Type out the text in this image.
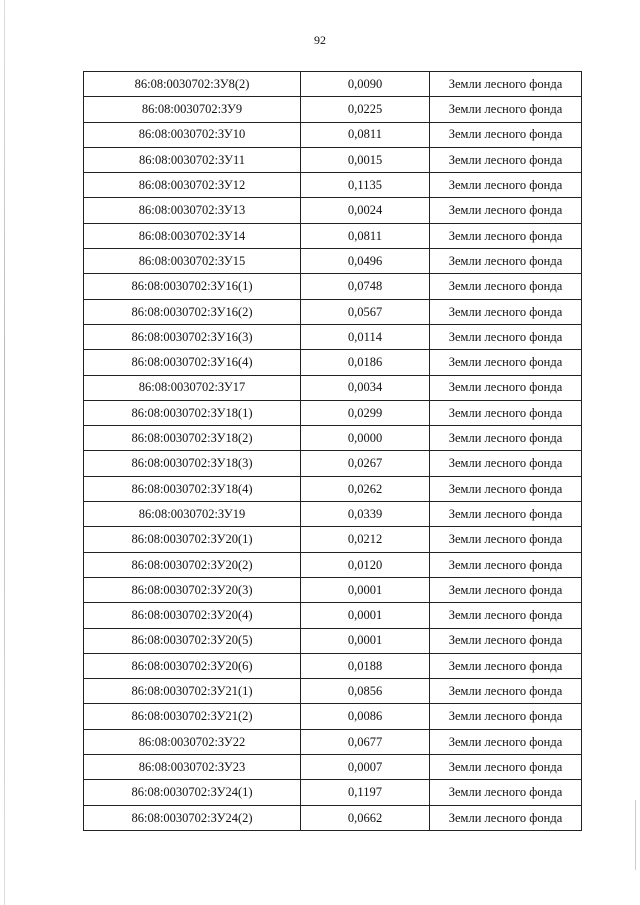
92
86:08:0030702:ЗУ8(2)	0,0090	Земли лесного фонда
86:08:0030702:ЗУ9	0,0225	Земли лесного фонда
86:08:0030702:ЗУ10	0,0811	Земли лесного фонда
86:08:0030702:ЗУ11	0,0015	Земли лесного фонда
86:08:0030702:ЗУ12	0,1135	Земли лесного фонда
86:08:0030702:ЗУ13	0,0024	Земли лесного фонда
86:08:0030702:ЗУ14	0,0811	Земли лесного фонда
86:08:0030702:ЗУ15	0,0496	Земли лесного фонда
86:08:0030702:ЗУ16(1)	0,0748	Земли лесного фонда
86:08:0030702:ЗУ16(2)	0,0567	Земли лесного фонда
86:08:0030702:ЗУ16(3)	0,0114	Земли лесного фонда
86:08:0030702:ЗУ16(4)	0,0186	Земли лесного фонда
86:08:0030702:ЗУ17	0,0034	Земли лесного фонда
86:08:0030702:ЗУ18(1)	0,0299	Земли лесного фонда
86:08:0030702:ЗУ18(2)	0,0000	Земли лесного фонда
86:08:0030702:ЗУ18(3)	0,0267	Земли лесного фонда
86:08:0030702:ЗУ18(4)	0,0262	Земли лесного фонда
86:08:0030702:ЗУ19	0,0339	Земли лесного фонда
86:08:0030702:ЗУ20(1)	0,0212	Земли лесного фонда
86:08:0030702:ЗУ20(2)	0,0120	Земли лесного фонда
86:08:0030702:ЗУ20(3)	0,0001	Земли лесного фонда
86:08:0030702:ЗУ20(4)	0,0001	Земли лесного фонда
86:08:0030702:ЗУ20(5)	0,0001	Земли лесного фонда
86:08:0030702:ЗУ20(6)	0,0188	Земли лесного фонда
86:08:0030702:ЗУ21(1)	0,0856	Земли лесного фонда
86:08:0030702:ЗУ21(2)	0,0086	Земли лесного фонда
86:08:0030702:ЗУ22	0,0677	Земли лесного фонда
86:08:0030702:ЗУ23	0,0007	Земли лесного фонда
86:08:0030702:ЗУ24(1)	0,1197	Земли лесного фонда
86:08:0030702:ЗУ24(2)	0,0662	Земли лесного фонда
